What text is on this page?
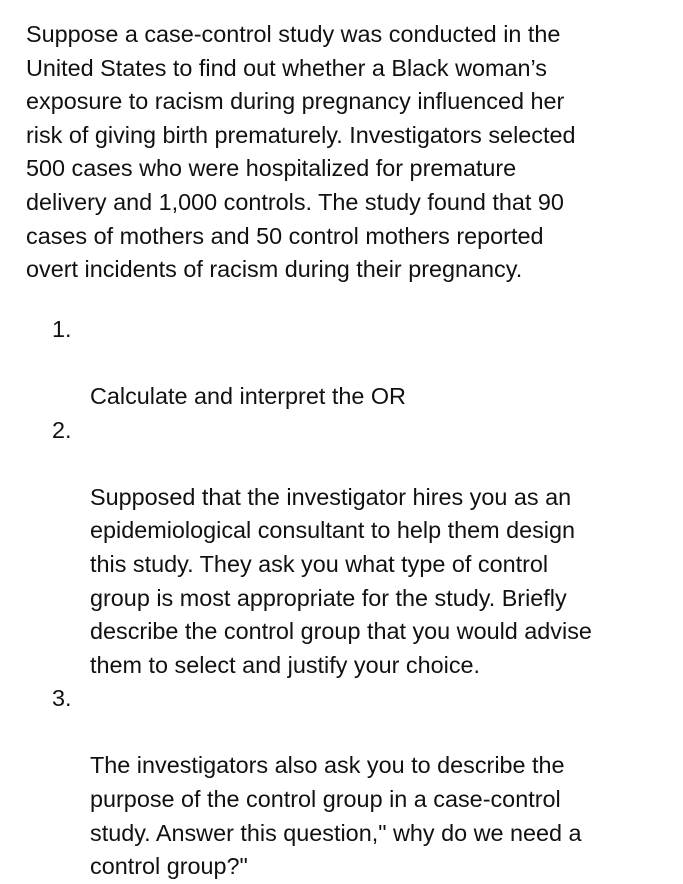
Suppose a case-control study was conducted in the
United States to find out whether a Black woman’s
exposure to racism during pregnancy influenced her
risk of giving birth prematurely. Investigators selected
500 cases who were hospitalized for premature
delivery and 1,000 controls. The study found that 90
cases of mothers and 50 control mothers reported
overt incidents of racism during their pregnancy.

1.

Calculate and interpret the OR

2.

Supposed that the investigator hires you as an
epidemiological consultant to help them design
this study. They ask you what type of control
group is most appropriate for the study. Briefly
describe the control group that you would advise
them to select and justify your choice.

3.

The investigators also ask you to describe the
purpose of the control group in a case-control
study. Answer this question," why do we need a
control group?"
